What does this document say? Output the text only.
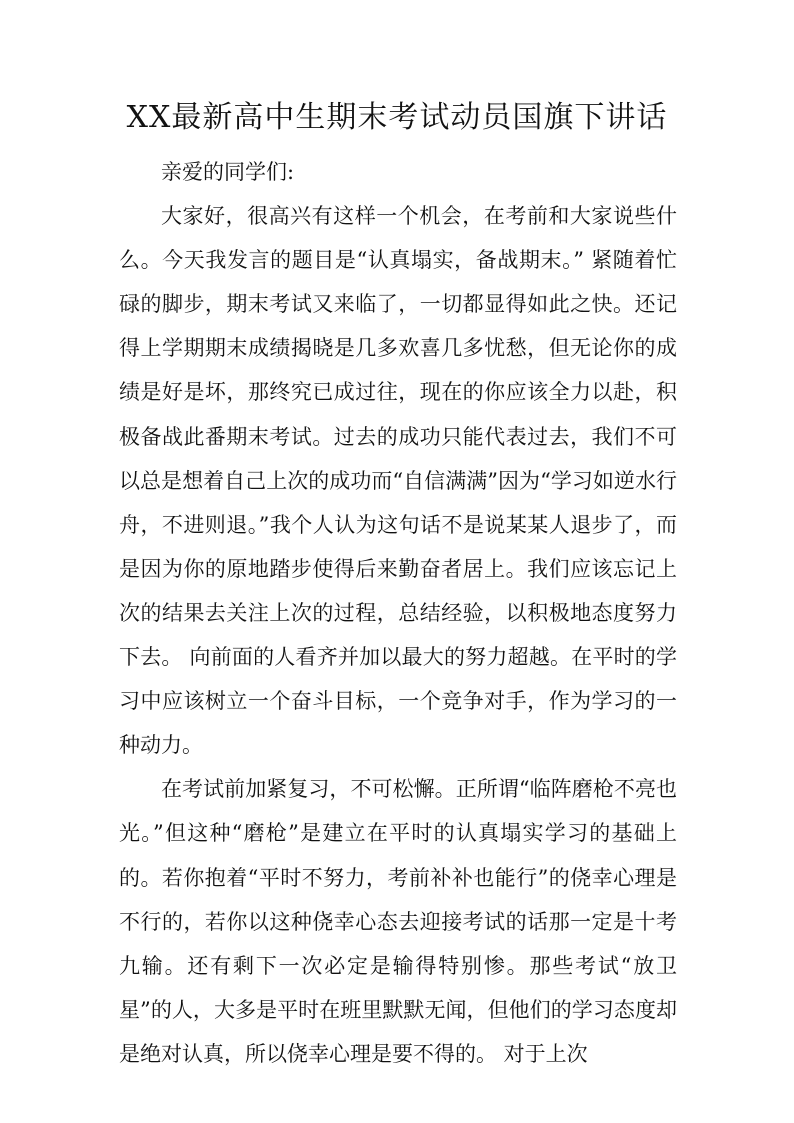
XX最新高中生期末考试动员国旗下讲话

亲爱的同学们:

大家好，很高兴有这样一个机会，在考前和大家说些什么。今天我发言的题目是“认真塌实，备战期末。” 紧随着忙碌的脚步，期末考试又来临了，一切都显得如此之快。还记得上学期期末成绩揭晓是几多欢喜几多忧愁，但无论你的成绩是好是坏，那终究已成过往，现在的你应该全力以赴，积极备战此番期末考试。过去的成功只能代表过去，我们不可以总是想着自己上次的成功而“自信满满”因为“学习如逆水行舟，不进则退。”我个人认为这句话不是说某某人退步了，而是因为你的原地踏步使得后来勤奋者居上。我们应该忘记上次的结果去关注上次的过程，总结经验，以积极地态度努力下去。 向前面的人看齐并加以最大的努力超越。在平时的学习中应该树立一个奋斗目标，一个竞争对手，作为学习的一种动力。

在考试前加紧复习，不可松懈。正所谓“临阵磨枪不亮也光。”但这种“磨枪”是建立在平时的认真塌实学习的基础上的。若你抱着“平时不努力，考前补补也能行”的侥幸心理是不行的，若你以这种侥幸心态去迎接考试的话那一定是十考九输。还有剩下一次必定是输得特别惨。那些考试“放卫星”的人，大多是平时在班里默默无闻，但他们的学习态度却是绝对认真，所以侥幸心理是要不得的。 对于上次
